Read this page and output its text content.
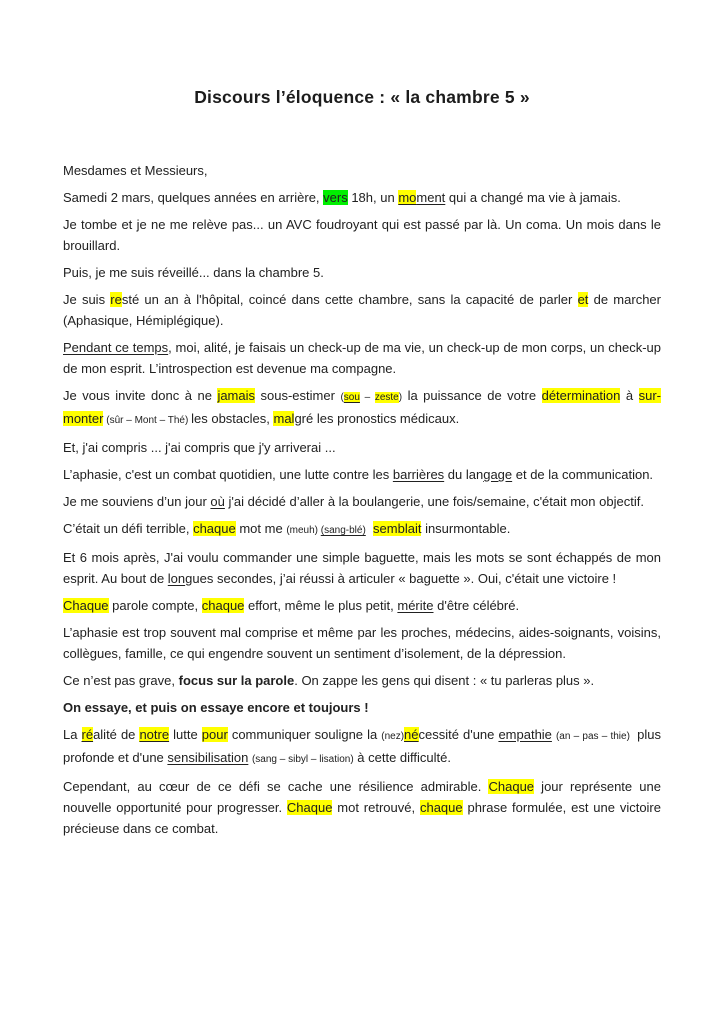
Discours l’éloquence : « la chambre 5 »

Mesdames et Messieurs,

Samedi 2 mars, quelques années en arrière, vers 18h, un moment qui a changé ma vie à jamais.

Je tombe et je ne me relève pas... un AVC foudroyant qui est passé par là. Un coma. Un mois dans le brouillard.

Puis, je me suis réveillé... dans la chambre 5.

Je suis resté un an à l'hôpital, coincé dans cette chambre, sans la capacité de parler et de marcher (Aphasique, Hémiplégique).

Pendant ce temps, moi, alité, je faisais un check-up de ma vie, un check-up de mon corps, un check-up de mon esprit. L’introspection est devenue ma compagne.

Je vous invite donc à ne jamais sous-estimer (sou – zeste) la puissance de votre détermination à sur-monter (sûr – Mont – Thé) les obstacles, malgré les pronostics médicaux.

Et, j'ai compris ... j'ai compris que j'y arriverai ...

L’aphasie, c'est un combat quotidien, une lutte contre les barrières du langage et de la communication.

Je me souviens d’un jour où j'ai décidé d’aller à la boulangerie, une fois/semaine, c'était mon objectif.

C’était un défi terrible, chaque mot me (meuh) (sang-blé) semblait insurmontable.

Et 6 mois après, J'ai voulu commander une simple baguette, mais les mots se sont échappés de mon esprit. Au bout de longues secondes, j’ai réussi à articuler « baguette ». Oui, c'était une victoire !

Chaque parole compte, chaque effort, même le plus petit, mérite d'être célébré.

L’aphasie est trop souvent mal comprise et même par les proches, médecins, aides-soignants, voisins, collègues, famille, ce qui engendre souvent un sentiment d’isolement, de la dépression.

Ce n’est pas grave, focus sur la parole. On zappe les gens qui disent : « tu parleras plus ».

On essaye, et puis on essaye encore et toujours !

La réalité de notre lutte pour communiquer souligne la (nez)nécessité d'une empathie (an – pas – thie)  plus profonde et d'une sensibilisation (sang – sibyl – lisation) à cette difficulté.

Cependant, au cœur de ce défi se cache une résilience admirable. Chaque jour représente une nouvelle opportunité pour progresser. Chaque mot retrouvé, chaque phrase formulée, est une victoire précieuse dans ce combat.
